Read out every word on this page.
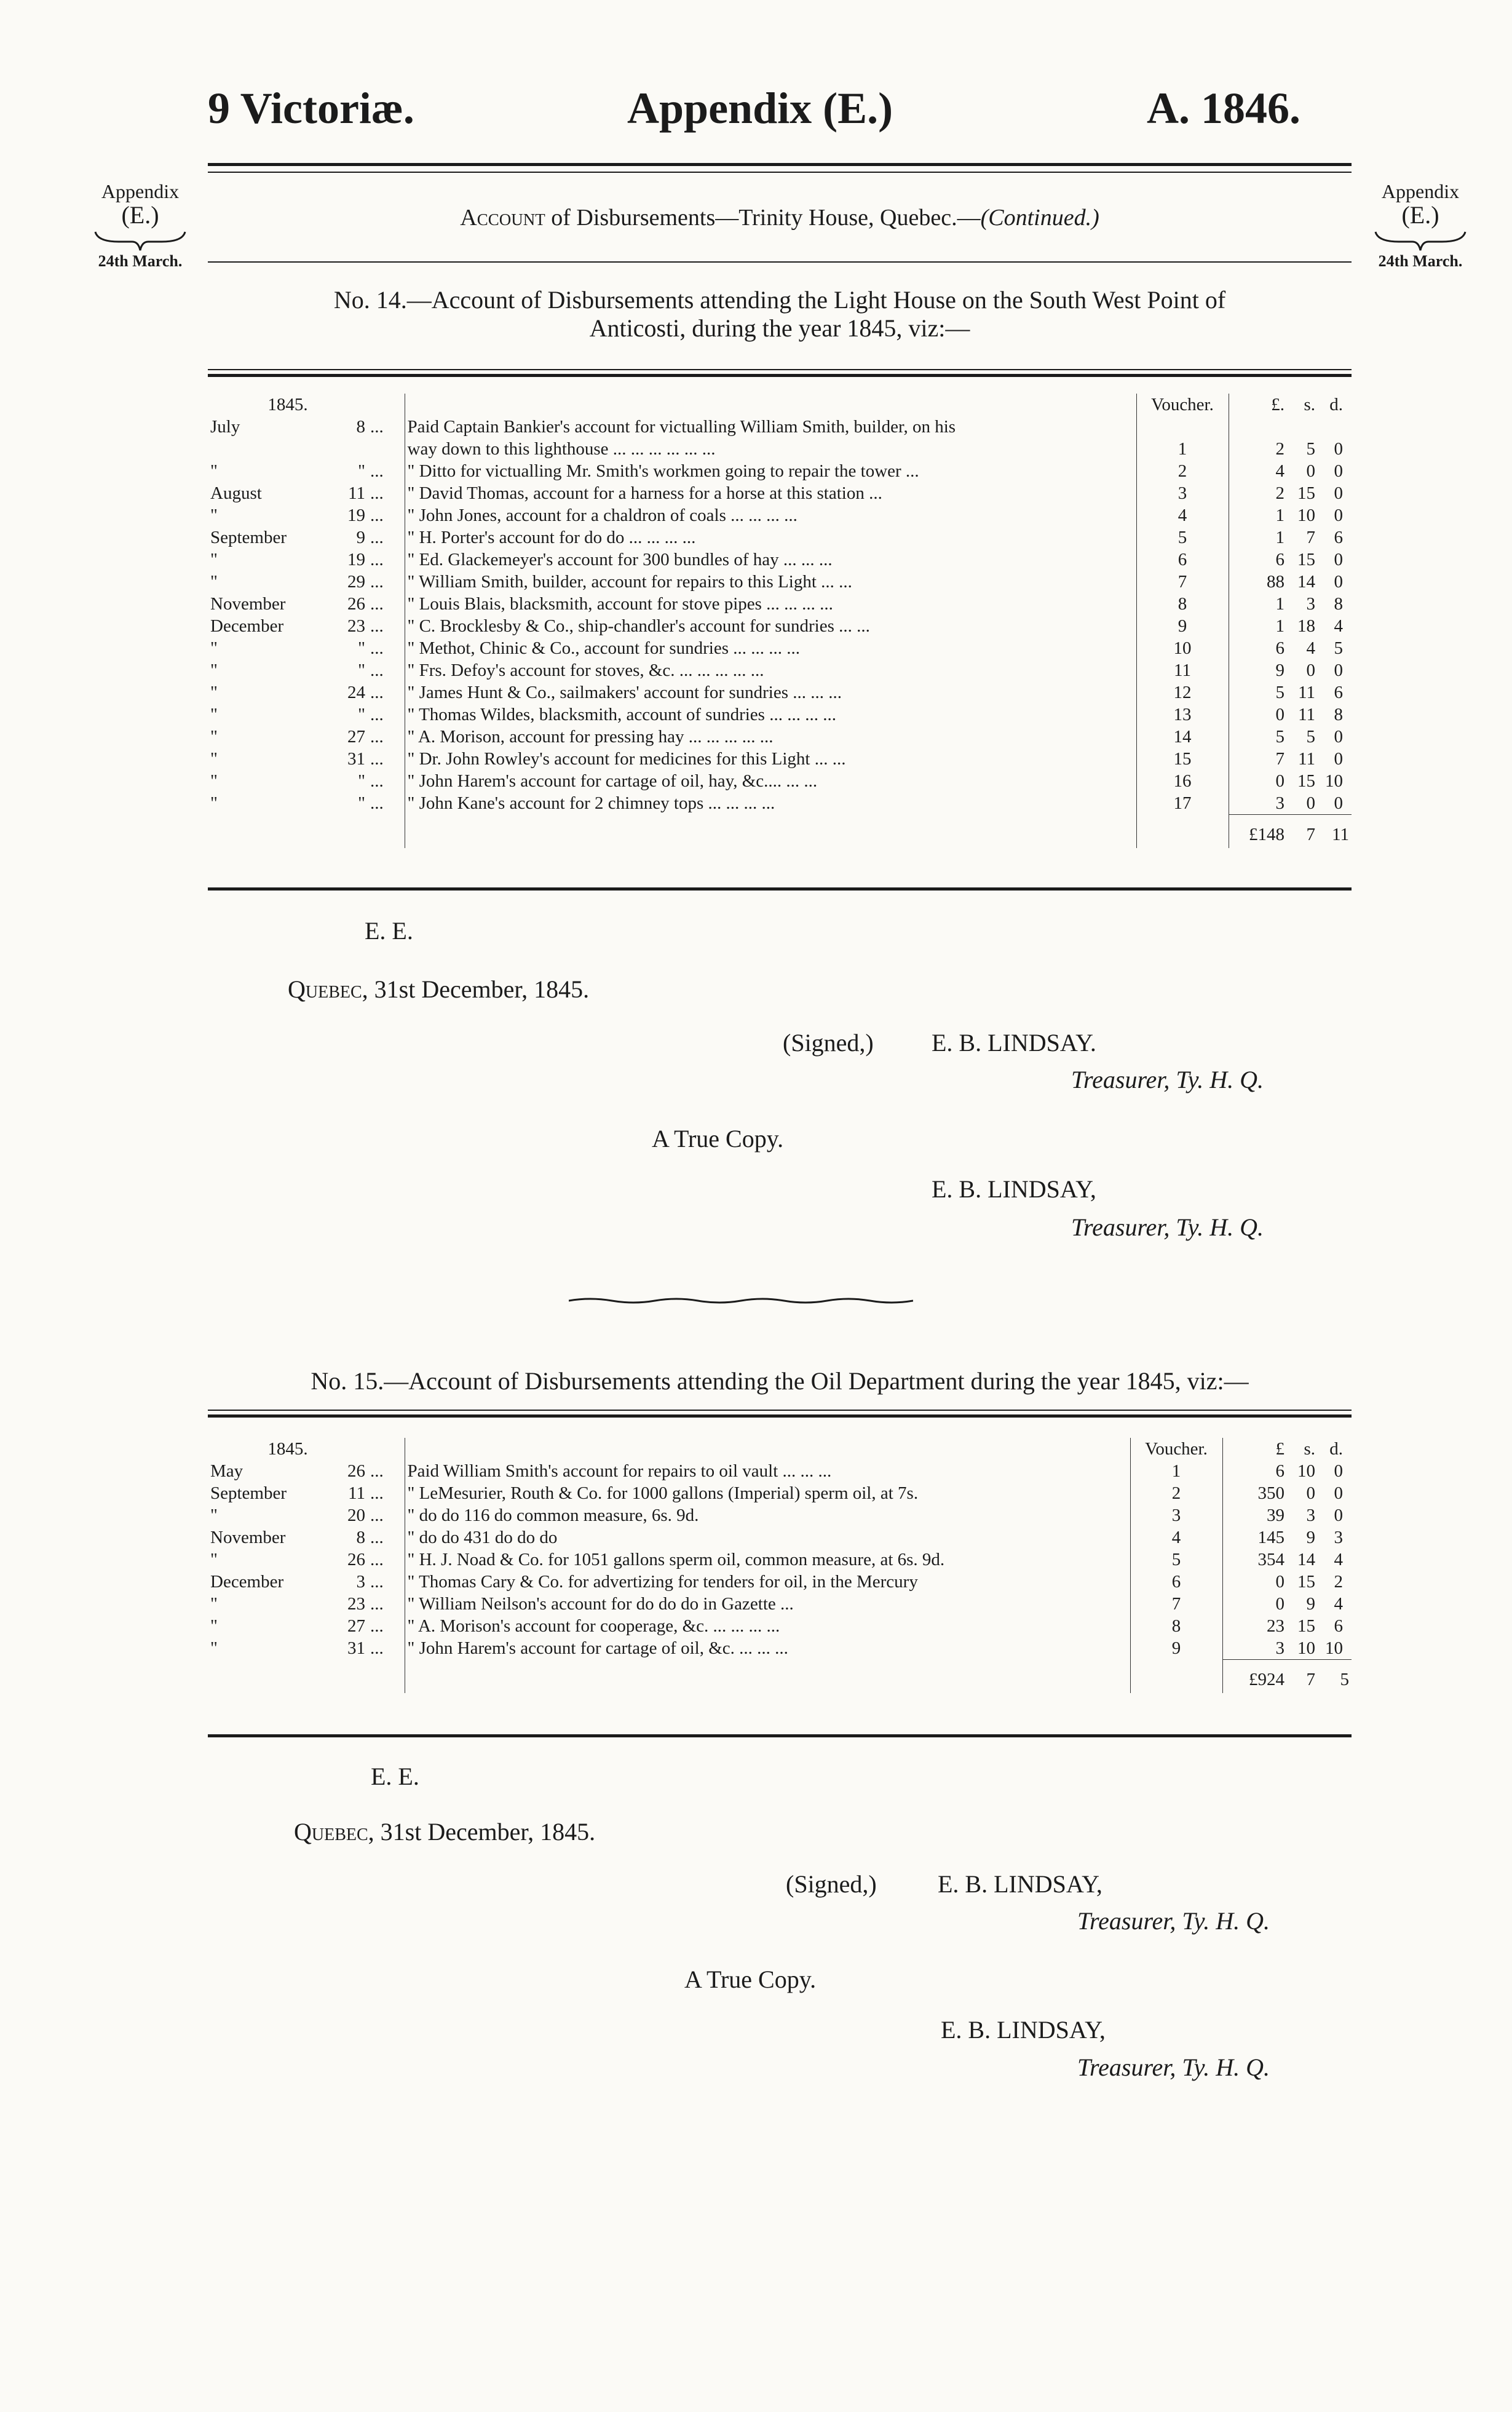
9 Victoriæ.	Appendix (E.)	A. 1846.
Appendix
(E.)
24th March.
Appendix
(E.)
24th March.
Account of Disbursements—Trinity House, Quebec.—(Continued.)
No. 14.—Account of Disbursements attending the Light House on the South West Point of
Anticosti, during the year 1845, viz:—
1845.				Voucher.	£.	s.	d.
July	8	...	Paid Captain Bankier's account for victualling William Smith, builder, on his				
			way down to this lighthouse ... ... ... ... ... ...	1	2	5	0
"	"	...	" Ditto for victualling Mr. Smith's workmen going to repair the tower ...	2	4	0	0
August	11	...	" David Thomas, account for a harness for a horse at this station ...	3	2	15	0
"	19	...	" John Jones, account for a chaldron of coals ... ... ... ...	4	1	10	0
September	9	...	" H. Porter's account for do do ... ... ... ...	5	1	7	6
"	19	...	" Ed. Glackemeyer's account for 300 bundles of hay ... ... ...	6	6	15	0
"	29	...	" William Smith, builder, account for repairs to this Light ... ...	7	88	14	0
November	26	...	" Louis Blais, blacksmith, account for stove pipes ... ... ... ...	8	1	3	8
December	23	...	" C. Brocklesby & Co., ship-chandler's account for sundries ... ...	9	1	18	4
"	"	...	" Methot, Chinic & Co., account for sundries ... ... ... ...	10	6	4	5
"	"	...	" Frs. Defoy's account for stoves, &c. ... ... ... ... ...	11	9	0	0
"	24	...	" James Hunt & Co., sailmakers' account for sundries ... ... ...	12	5	11	6
"	"	...	" Thomas Wildes, blacksmith, account of sundries ... ... ... ...	13	0	11	8
"	27	...	" A. Morison, account for pressing hay ... ... ... ... ...	14	5	5	0
"	31	...	" Dr. John Rowley's account for medicines for this Light ... ...	15	7	11	0
"	"	...	" John Harem's account for cartage of oil, hay, &c.... ... ...	16	0	15	10
"	"	...	" John Kane's account for 2 chimney tops ... ... ... ...	17	3	0	0
					£148	7	11
E. E.
Quebec, 31st December, 1845.
(Signed,) E. B. LINDSAY.
Treasurer, Ty. H. Q.
A True Copy.
E. B. LINDSAY,
Treasurer, Ty. H. Q.
No. 15.—Account of Disbursements attending the Oil Department during the year 1845, viz:—
1845.				Voucher.	£	s.	d.
May	26	...	Paid William Smith's account for repairs to oil vault ... ... ...	1	6	10	0
September	11	...	" LeMesurier, Routh & Co. for 1000 gallons (Imperial) sperm oil, at 7s.	2	350	0	0
"	20	...	" do do 116 do common measure, 6s. 9d.	3	39	3	0
November	8	...	" do do 431 do do do	4	145	9	3
"	26	...	" H. J. Noad & Co. for 1051 gallons sperm oil, common measure, at 6s. 9d.	5	354	14	4
December	3	...	" Thomas Cary & Co. for advertizing for tenders for oil, in the Mercury	6	0	15	2
"	23	...	" William Neilson's account for do do do in Gazette ...	7	0	9	4
"	27	...	" A. Morison's account for cooperage, &c. ... ... ... ...	8	23	15	6
"	31	...	" John Harem's account for cartage of oil, &c. ... ... ...	9	3	10	10
					£924	7	5
E. E.
Quebec, 31st December, 1845.
(Signed,) E. B. LINDSAY,
Treasurer, Ty. H. Q.
A True Copy.
E. B. LINDSAY,
Treasurer, Ty. H. Q.
